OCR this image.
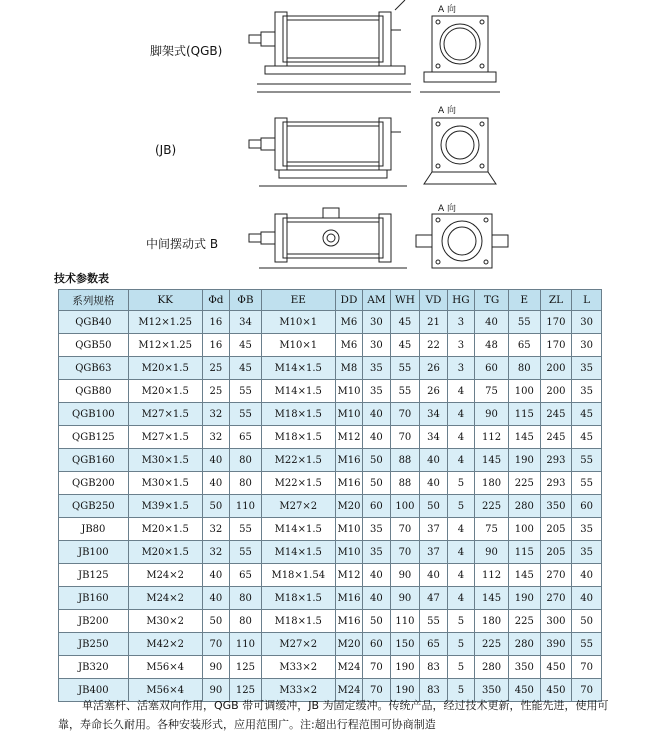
脚架式(QGB)
A 向
(JB)
A 向
中间摆动式 B
A 向
技术参数表
系列规格	KK	Φd	ΦB	EE	DD	AM	WH	VD	HG	TG	E	ZL	L
QGB40	M12×1.25	16	34	M10×1	M6	30	45	21	3	40	55	170	30
QGB50	M12×1.25	16	45	M10×1	M6	30	45	22	3	48	65	170	30
QGB63	M20×1.5	25	45	M14×1.5	M8	35	55	26	3	60	80	200	35
QGB80	M20×1.5	25	55	M14×1.5	M10	35	55	26	4	75	100	200	35
QGB100	M27×1.5	32	55	M18×1.5	M10	40	70	34	4	90	115	245	45
QGB125	M27×1.5	32	65	M18×1.5	M12	40	70	34	4	112	145	245	45
QGB160	M30×1.5	40	80	M22×1.5	M16	50	88	40	4	145	190	293	55
QGB200	M30×1.5	40	80	M22×1.5	M16	50	88	40	5	180	225	293	55
QGB250	M39×1.5	50	110	M27×2	M20	60	100	50	5	225	280	350	60
JB80	M20×1.5	32	55	M14×1.5	M10	35	70	37	4	75	100	205	35
JB100	M20×1.5	32	55	M14×1.5	M10	35	70	37	4	90	115	205	35
JB125	M24×2	40	65	M18×1.54	M12	40	90	40	4	112	145	270	40
JB160	M24×2	40	80	M18×1.5	M16	40	90	47	4	145	190	270	40
JB200	M30×2	50	80	M18×1.5	M16	50	110	55	5	180	225	300	50
JB250	M42×2	70	110	M27×2	M20	60	150	65	5	225	280	390	55
JB320	M56×4	90	125	M33×2	M24	70	190	83	5	280	350	450	70
JB400	M56×4	90	125	M33×2	M24	70	190	83	5	350	450	450	70
单活塞杆、活塞双向作用，QGB 带可调缓冲，JB 为固定缓冲。传统产品，经过技术更新，性能先进，使用可靠，寿命长久耐用。各种安装形式，应用范围广。注:超出行程范围可协商制造
